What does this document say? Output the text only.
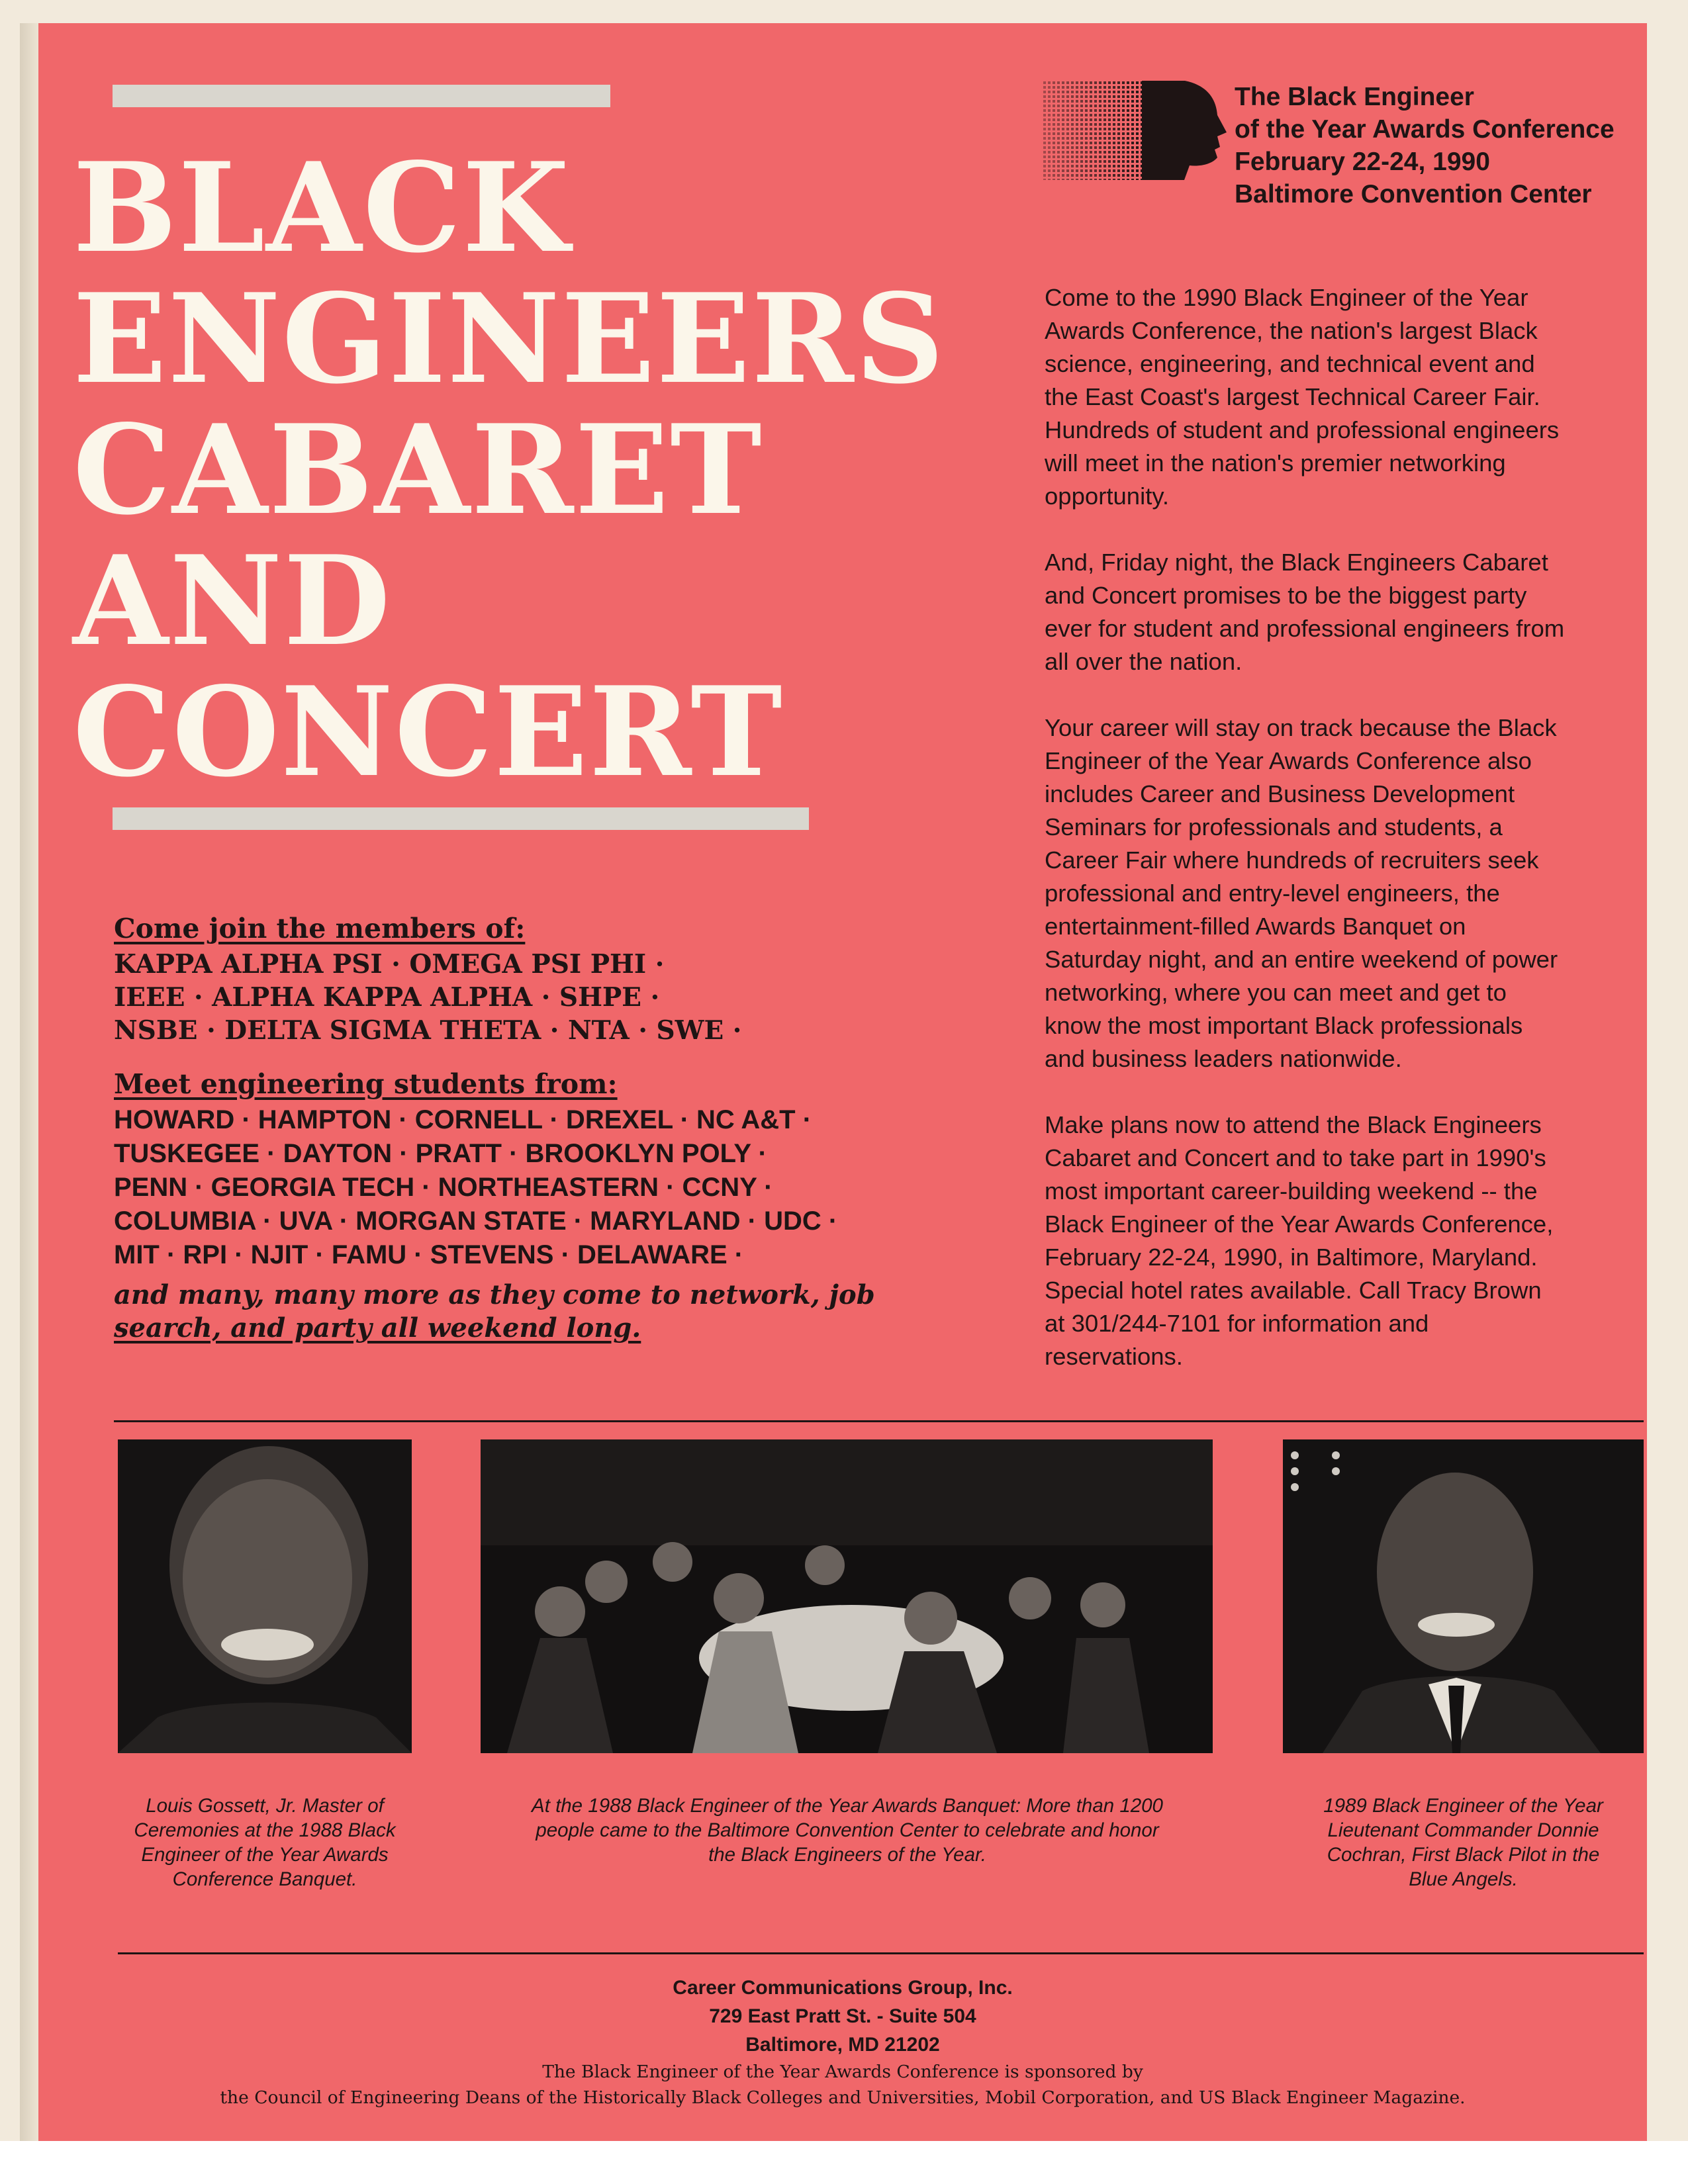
BLACK
ENGINEERS
CABARET
AND
CONCERT
The Black Engineer
of the Year Awards Conference
February 22-24, 1990
Baltimore Convention Center

Come to the 1990 Black Engineer of the Year
Awards Conference, the nation's largest Black
science, engineering, and technical event and
the East Coast's largest Technical Career Fair.
Hundreds of student and professional engineers
will meet in the nation's premier networking
opportunity.

And, Friday night, the Black Engineers Cabaret
and Concert promises to be the biggest party
ever for student and professional engineers from
all over the nation.

Your career will stay on track because the Black
Engineer of the Year Awards Conference also
includes Career and Business Development
Seminars for professionals and students, a
Career Fair where hundreds of recruiters seek
professional and entry-level engineers, the
entertainment-filled Awards Banquet on
Saturday night, and an entire weekend of power
networking, where you can meet and get to
know the most important Black professionals
and business leaders nationwide.

Make plans now to attend the Black Engineers
Cabaret and Concert and to take part in 1990's
most important career-building weekend -- the
Black Engineer of the Year Awards Conference,
February 22-24, 1990, in Baltimore, Maryland.
Special hotel rates available. Call Tracy Brown
at 301/244-7101 for information and
reservations.

Come join the members of:
KAPPA ALPHA PSI · OMEGA PSI PHI ·
IEEE · ALPHA KAPPA ALPHA · SHPE ·
NSBE · DELTA SIGMA THETA · NTA · SWE ·
Meet engineering students from:
HOWARD · HAMPTON · CORNELL · DREXEL · NC A&T ·
TUSKEGEE · DAYTON · PRATT · BROOKLYN POLY ·
PENN · GEORGIA TECH · NORTHEASTERN · CCNY ·
COLUMBIA · UVA · MORGAN STATE · MARYLAND · UDC ·
MIT · RPI · NJIT · FAMU · STEVENS · DELAWARE ·
and many, many more as they come to network, job
search, and party all weekend long.
Louis Gossett, Jr. Master of
Ceremonies at the 1988 Black
Engineer of the Year Awards
Conference Banquet.
At the 1988 Black Engineer of the Year Awards Banquet: More than 1200
people came to the Baltimore Convention Center to celebrate and honor
the Black Engineers of the Year.
1989 Black Engineer of the Year
Lieutenant Commander Donnie
Cochran, First Black Pilot in the
Blue Angels.
Career Communications Group, Inc.
729 East Pratt St. - Suite 504
Baltimore, MD 21202
The Black Engineer of the Year Awards Conference is sponsored by
the Council of Engineering Deans of the Historically Black Colleges and Universities, Mobil Corporation, and US Black Engineer Magazine.
